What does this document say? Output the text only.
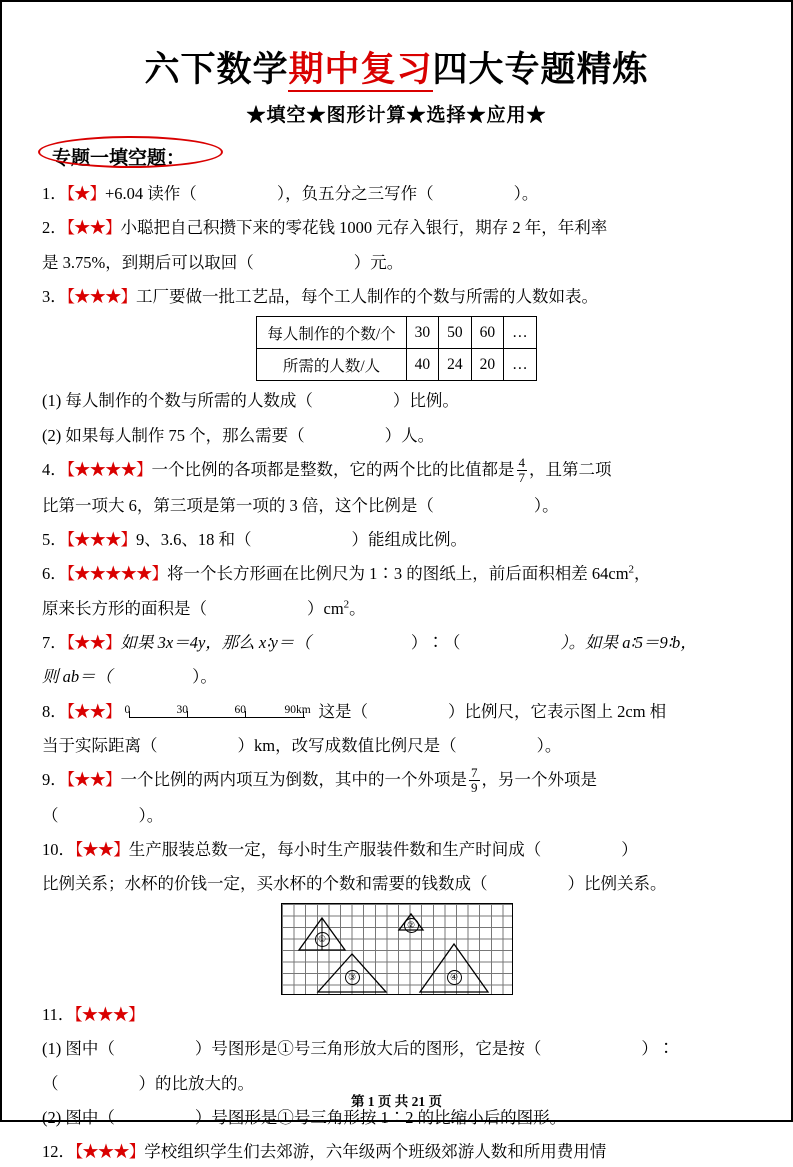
六下数学期中复习四大专题精炼
★填空★图形计算★选择★应用★
专题一填空题：
1．【★】+6.04 读作（	），负五分之三写作（	）。
2．【★★】小聪把自己积攒下来的零花钱 1000 元存入银行，期存 2 年，年利率
是 3.75%，到期后可以取回（	）元。
3．【★★★】工厂要做一批工艺品，每个工人制作的个数与所需的人数如表。
每人制作的个数/个	30	50	60	…
所需的人数/人	40	24	20	…
(1) 每人制作的个数与所需的人数成（	）比例。
(2) 如果每人制作 75 个，那么需要（	）人。
4．【★★★★】一个比例的各项都是整数，它的两个比的比值都是 $\frac{4}{7}$ ，且第二项
比第一项大 6，第三项是第一项的 3 倍，这个比例是（	）。
5．【★★★】9、3.6、18 和（	）能组成比例。
6．【★★★★★】将一个长方形画在比例尺为 1∶3 的图纸上，前后面积相差 $64cm^2$，
原来长方形的面积是（	）$cm^2$。
7．【★★】如果 3x＝4y，那么 x∶y＝（	）∶（	）。如果 a∶5＝9∶b，
则 ab＝（	）。
8．【★★】 0	30	60	90km 这是（	）比例尺，它表示图上 2cm 相
当于实际距离（	）km，改写成数值比例尺是（	）。
9．【★★】一个比例的两内项互为倒数，其中的一个外项是 $\frac{7}{9}$ ，另一个外项是
（	）。
10．【★★】生产服装总数一定，每小时生产服装件数和生产时间成（	）
比例关系；水杯的价钱一定，买水杯的个数和需要的钱数成（	）比例关系。
①
②
③	④
11．【★★★】
(1) 图中（	）号图形是①号三角形放大后的图形，它是按（	）∶
（	）的比放大的。
(2) 图中（	）号图形是①号三角形按 1∶2 的比缩小后的图形。
12．【★★★】学校组织学生们去郊游，六年级两个班级郊游人数和所用费用情
第 1 页 共 21 页
